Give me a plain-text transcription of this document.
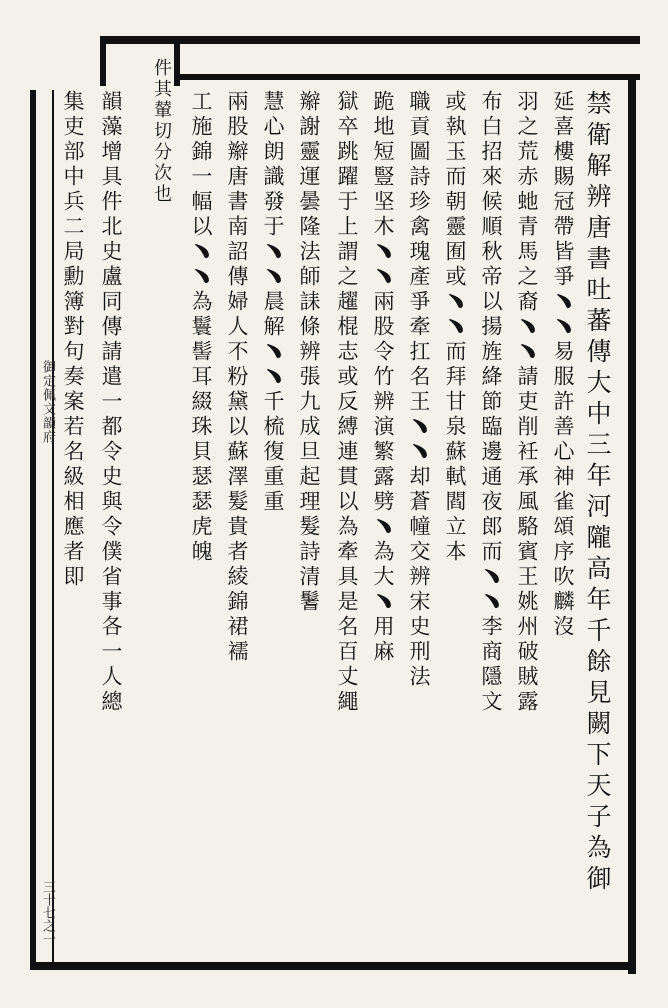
御定佩文韻府
三十七之一
禁衛解辨唐書吐蕃傳大中三年河隴高年千餘見闕下天子為御
延喜樓賜冠帶皆爭﹅﹅易服許善心神雀頌序吹麟沒
羽之荒赤虵青馬之裔﹅﹅請吏削衽承風駱賓王姚州破賊露
布白招來候順秋帝以揚旌絳節臨邊通夜郎而﹅﹅李商隱文
或執玉而朝靈囿或﹅﹅而拜甘泉蘇軾閻立本
職貢圖詩珍禽瑰產爭牽扛名王﹅﹅却蒼幢交辨宋史刑法
跪地短豎坚木﹅﹅兩股令竹辨演繁露劈﹅為大﹅用麻
獄卒跳躍于上謂之趯棍志或反縛連貫以為牽具是名百丈繩
辮謝靈運曇隆法師誄條辨張九成旦起理髮詩清鬐
慧心朗識發于﹅﹅晨解﹅﹅千梳復重重
兩股辮唐書南詔傳婦人不粉黛以蘇澤髮貴者綾錦裙襦
工施錦一幅以﹅﹅為鬟髻耳綴珠貝瑟瑟虎魄
件其輦切分次也
韻藻增具件北史盧同傳請遣一都令史與令僕省事各一人總
集吏部中兵二局勳簿對句奏案若名級相應者即
